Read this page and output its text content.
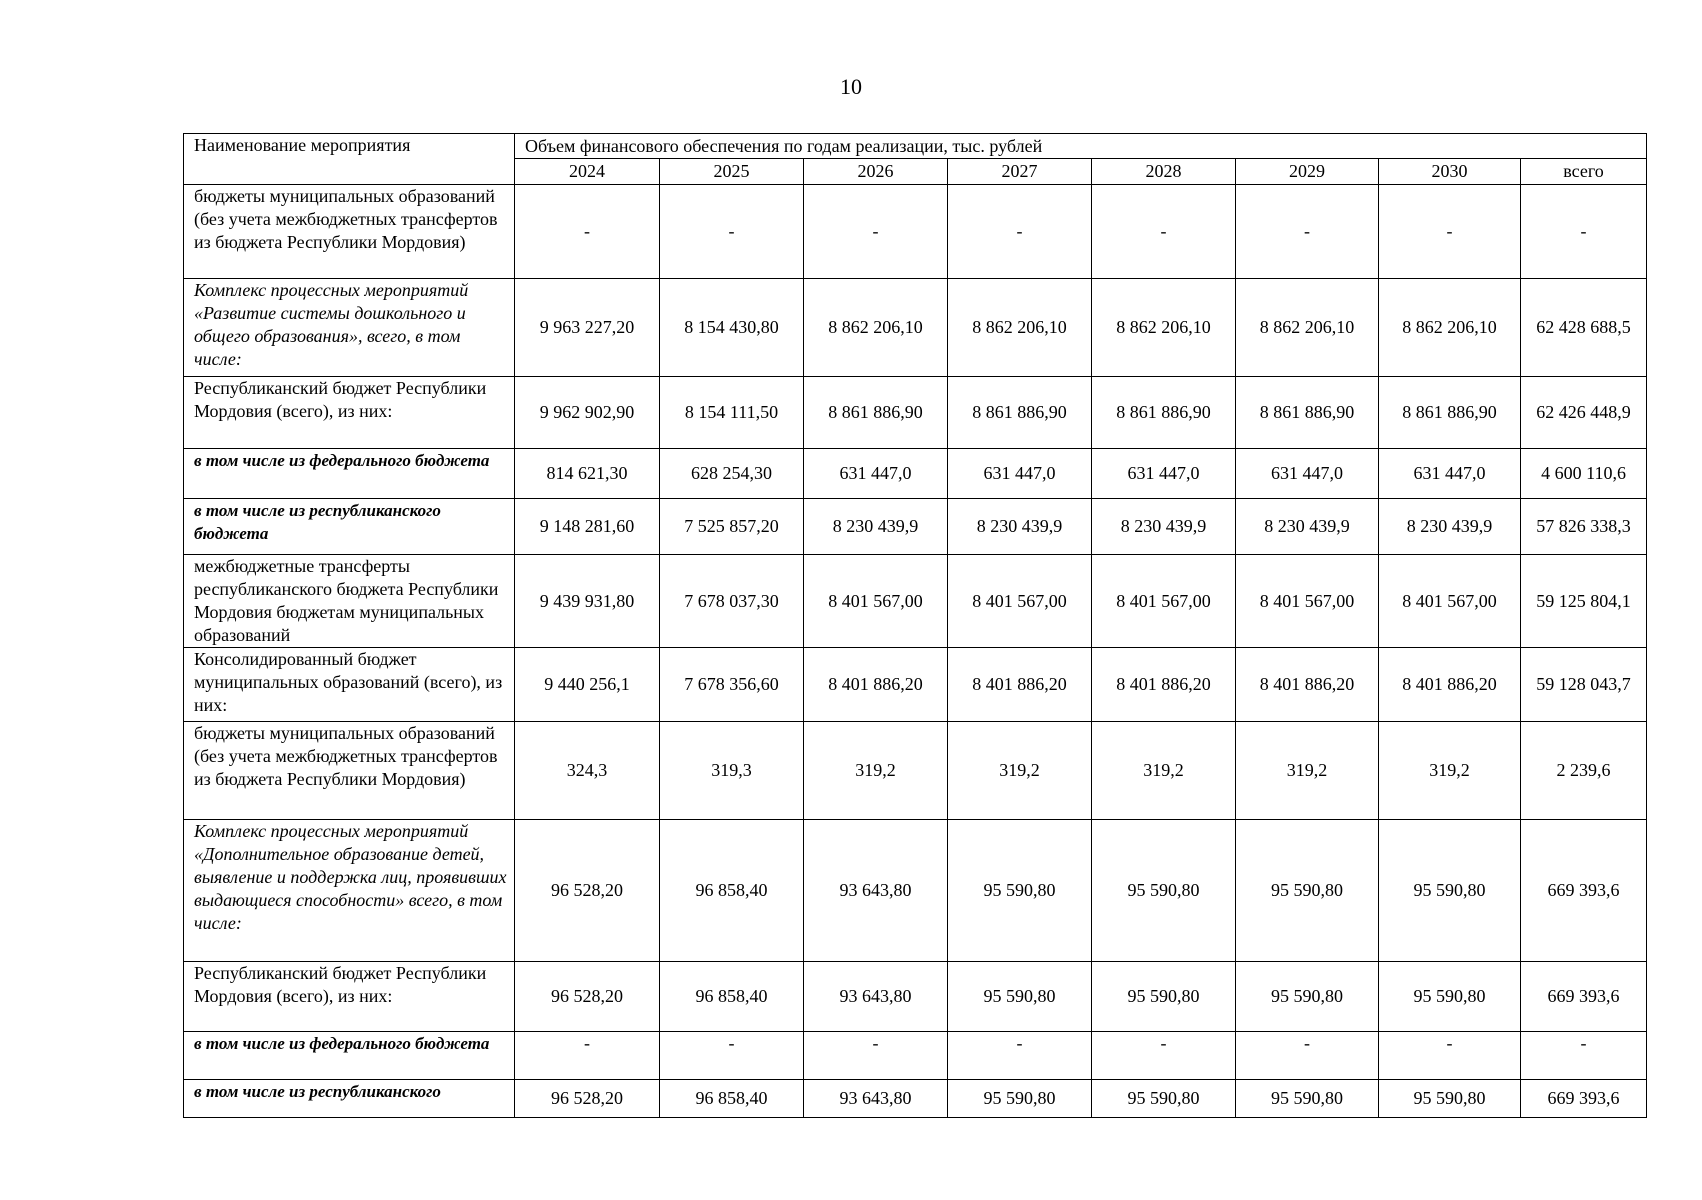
10
Наименование мероприятия	Объем финансового обеспечения по годам реализации, тыс. рублей							
	2024	2025	2026	2027	2028	2029	2030	всего
бюджеты муниципальных образований (без учета межбюджетных трансфертов из бюджета Республики Мордовия)	-	-	-	-	-	-	-	-
Комплекс процессных мероприятий «Развитие системы дошкольного и общего образования», всего, в том числе:	9 963 227,20	8 154 430,80	8 862 206,10	8 862 206,10	8 862 206,10	8 862 206,10	8 862 206,10	62 428 688,5
Республиканский бюджет Республики Мордовия (всего), из них:	9 962 902,90	8 154 111,50	8 861 886,90	8 861 886,90	8 861 886,90	8 861 886,90	8 861 886,90	62 426 448,9
в том числе из федерального бюджета	814 621,30	628 254,30	631 447,0	631 447,0	631 447,0	631 447,0	631 447,0	4 600 110,6
в том числе из республиканского бюджета	9 148 281,60	7 525 857,20	8 230 439,9	8 230 439,9	8 230 439,9	8 230 439,9	8 230 439,9	57 826 338,3
межбюджетные трансферты республиканского бюджета Республики Мордовия бюджетам муниципальных образований	9 439 931,80	7 678 037,30	8 401 567,00	8 401 567,00	8 401 567,00	8 401 567,00	8 401 567,00	59 125 804,1
Консолидированный бюджет муниципальных образований (всего), из них:	9 440 256,1	7 678 356,60	8 401 886,20	8 401 886,20	8 401 886,20	8 401 886,20	8 401 886,20	59 128 043,7
бюджеты муниципальных образований (без учета межбюджетных трансфертов из бюджета Республики Мордовия)	324,3	319,3	319,2	319,2	319,2	319,2	319,2	2 239,6
Комплекс процессных мероприятий «Дополнительное образование детей, выявление и поддержка лиц, проявивших выдающиеся способности» всего, в том числе:	96 528,20	96 858,40	93 643,80	95 590,80	95 590,80	95 590,80	95 590,80	669 393,6
Республиканский бюджет Республики Мордовия (всего), из них:	96 528,20	96 858,40	93 643,80	95 590,80	95 590,80	95 590,80	95 590,80	669 393,6
в том числе из федерального бюджета	-	-	-	-	-	-	-	-
в том числе из республиканского	96 528,20	96 858,40	93 643,80	95 590,80	95 590,80	95 590,80	95 590,80	669 393,6
